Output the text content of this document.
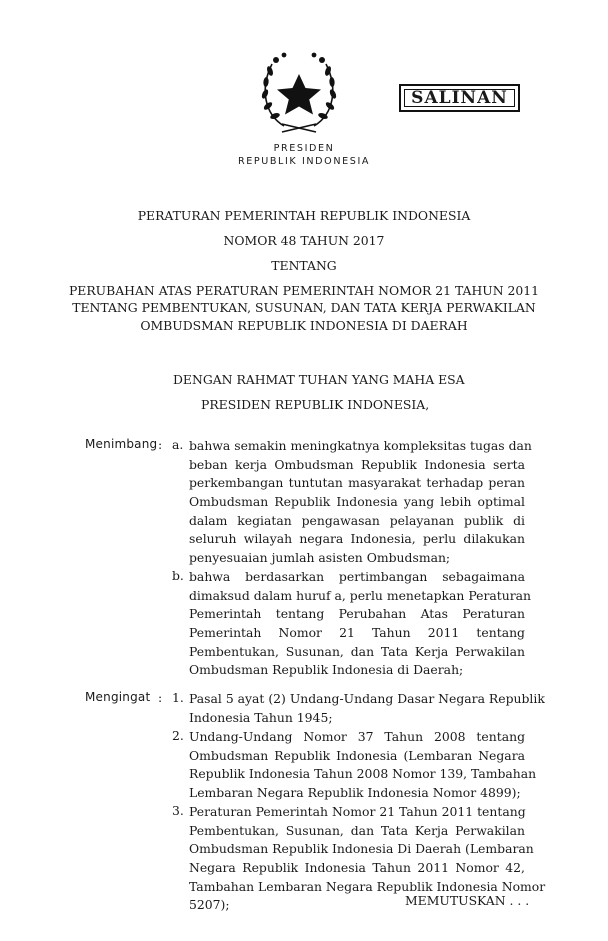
SALINAN
PRESIDEN
REPUBLIK INDONESIA
PERATURAN PEMERINTAH REPUBLIK INDONESIA
NOMOR 48 TAHUN 2017
TENTANG
PERUBAHAN ATAS PERATURAN PEMERINTAH NOMOR 21 TAHUN 2011
TENTANG PEMBENTUKAN, SUSUNAN, DAN TATA KERJA PERWAKILAN
OMBUDSMAN REPUBLIK INDONESIA DI DAERAH
DENGAN RAHMAT TUHAN YANG MAHA ESA
PRESIDEN REPUBLIK INDONESIA,
Menimbang : a. bahwa semakin meningkatnya kompleksitas tugas dan
beban kerja Ombudsman Republik Indonesia serta
perkembangan tuntutan masyarakat terhadap peran
Ombudsman Republik Indonesia yang lebih optimal
dalam kegiatan pengawasan pelayanan publik di
seluruh wilayah negara Indonesia, perlu dilakukan
penyesuaian jumlah asisten Ombudsman;
b. bahwa berdasarkan pertimbangan sebagaimana
dimaksud dalam huruf a, perlu menetapkan Peraturan
Pemerintah tentang Perubahan Atas Peraturan
Pemerintah Nomor 21 Tahun 2011 tentang
Pembentukan, Susunan, dan Tata Kerja Perwakilan
Ombudsman Republik Indonesia di Daerah;
Mengingat : 1. Pasal 5 ayat (2) Undang-Undang Dasar Negara Republik
Indonesia Tahun 1945;
2. Undang-Undang Nomor 37 Tahun 2008 tentang
Ombudsman Republik Indonesia (Lembaran Negara
Republik Indonesia Tahun 2008 Nomor 139, Tambahan
Lembaran Negara Republik Indonesia Nomor 4899);
3. Peraturan Pemerintah Nomor 21 Tahun 2011 tentang
Pembentukan, Susunan, dan Tata Kerja Perwakilan
Ombudsman Republik Indonesia Di Daerah (Lembaran
Negara Republik Indonesia Tahun 2011 Nomor 42,
Tambahan Lembaran Negara Republik Indonesia Nomor
5207);	MEMUTUSKAN . . .
